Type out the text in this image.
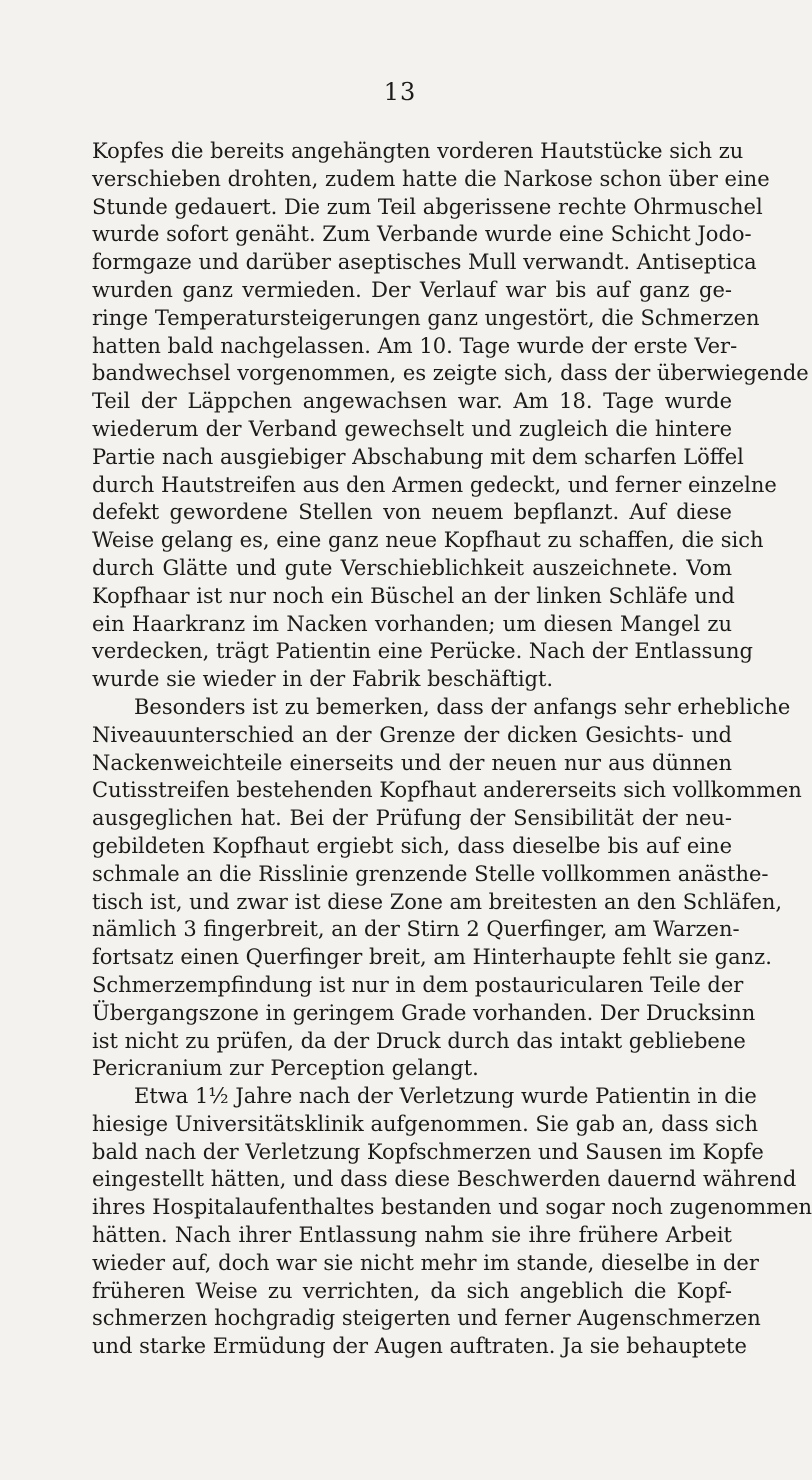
13
Kopfes die bereits angehängten vorderen Hautstücke sich zu
verschieben drohten, zudem hatte die Narkose schon über eine
Stunde gedauert. Die zum Teil abgerissene rechte Ohrmuschel
wurde sofort genäht. Zum Verbande wurde eine Schicht Jodo-
formgaze und darüber aseptisches Mull verwandt. Antiseptica
wurden ganz vermieden. Der Verlauf war bis auf ganz ge-
ringe Temperatursteigerungen ganz ungestört, die Schmerzen
hatten bald nachgelassen. Am 10. Tage wurde der erste Ver-
bandwechsel vorgenommen, es zeigte sich, dass der überwiegende
Teil der Läppchen angewachsen war. Am 18. Tage wurde
wiederum der Verband gewechselt und zugleich die hintere
Partie nach ausgiebiger Abschabung mit dem scharfen Löffel
durch Hautstreifen aus den Armen gedeckt, und ferner einzelne
defekt gewordene Stellen von neuem bepflanzt. Auf diese
Weise gelang es, eine ganz neue Kopfhaut zu schaffen, die sich
durch Glätte und gute Verschieblichkeit auszeichnete. Vom
Kopfhaar ist nur noch ein Büschel an der linken Schläfe und
ein Haarkranz im Nacken vorhanden; um diesen Mangel zu
verdecken, trägt Patientin eine Perücke. Nach der Entlassung
wurde sie wieder in der Fabrik beschäftigt.
Besonders ist zu bemerken, dass der anfangs sehr erhebliche
Niveauunterschied an der Grenze der dicken Gesichts- und
Nackenweichteile einerseits und der neuen nur aus dünnen
Cutisstreifen bestehenden Kopfhaut andererseits sich vollkommen
ausgeglichen hat. Bei der Prüfung der Sensibilität der neu-
gebildeten Kopfhaut ergiebt sich, dass dieselbe bis auf eine
schmale an die Risslinie grenzende Stelle vollkommen anästhe-
tisch ist, und zwar ist diese Zone am breitesten an den Schläfen,
nämlich 3 fingerbreit, an der Stirn 2 Querfinger, am Warzen-
fortsatz einen Querfinger breit, am Hinterhaupte fehlt sie ganz.
Schmerzempfindung ist nur in dem postauricularen Teile der
Übergangszone in geringem Grade vorhanden. Der Drucksinn
ist nicht zu prüfen, da der Druck durch das intakt gebliebene
Pericranium zur Perception gelangt.
Etwa 1½ Jahre nach der Verletzung wurde Patientin in die
hiesige Universitätsklinik aufgenommen. Sie gab an, dass sich
bald nach der Verletzung Kopfschmerzen und Sausen im Kopfe
eingestellt hätten, und dass diese Beschwerden dauernd während
ihres Hospitalaufenthaltes bestanden und sogar noch zugenommen
hätten. Nach ihrer Entlassung nahm sie ihre frühere Arbeit
wieder auf, doch war sie nicht mehr im stande, dieselbe in der
früheren Weise zu verrichten, da sich angeblich die Kopf-
schmerzen hochgradig steigerten und ferner Augenschmerzen
und starke Ermüdung der Augen auftraten. Ja sie behauptete
